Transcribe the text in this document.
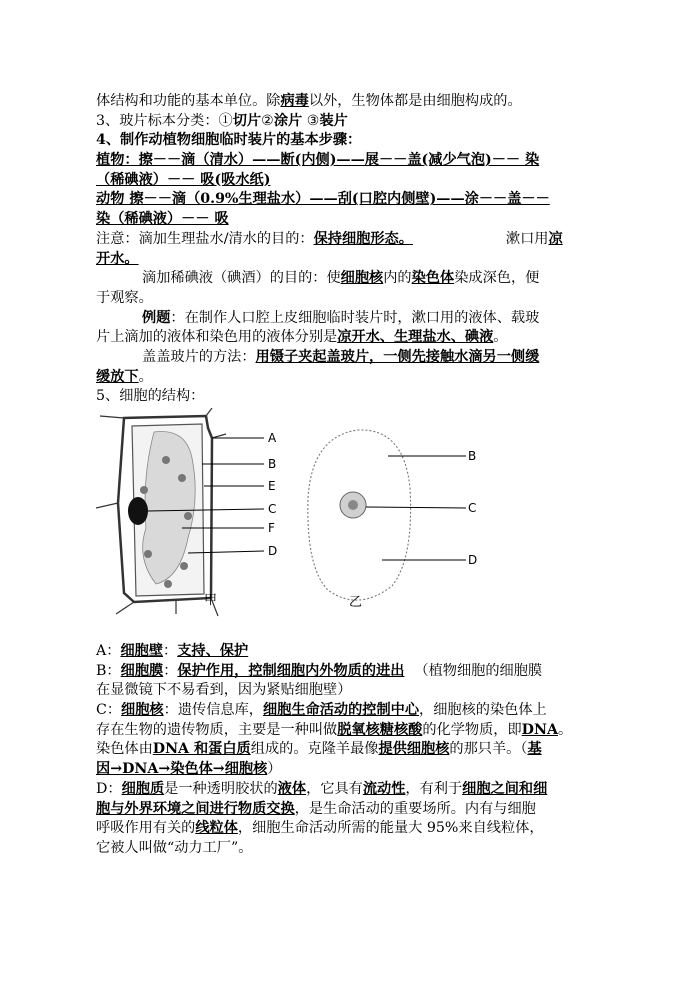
体结构和功能的基本单位。除病毒以外，生物体都是由细胞构成的。
3、玻片标本分类：①切片②涂片 ③装片
4、制作动植物细胞临时装片的基本步骤：
植物：擦－－滴（清水）——断(内侧)——展－－盖(减少气泡)－－ 染
（稀碘液）－－ 吸(吸水纸)
动物 擦－－滴（0.9%生理盐水）——刮(口腔内侧壁)——涂－－盖－－
染（稀碘液）－－ 吸
注意：滴加生理盐水/清水的目的：保持细胞形态。	漱口用凉
开水。
滴加稀碘液（碘酒）的目的：使细胞核内的染色体染成深色，便
于观察。
例题：在制作人口腔上皮细胞临时装片时，漱口用的液体、载玻
片上滴加的液体和染色用的液体分别是凉开水、生理盐水、碘液。
盖盖玻片的方法：用镊子夹起盖玻片，一侧先接触水滴另一侧缓
缓放下。
5、细胞的结构：
A
B
E
C
F
D
甲
B
C
D
乙
A：细胞壁：支持、保护
B：细胞膜：保护作用，控制细胞内外物质的进出 （植物细胞的细胞膜
在显微镜下不易看到，因为紧贴细胞壁）
C：细胞核：遗传信息库，细胞生命活动的控制中心，细胞核的染色体上
存在生物的遗传物质，主要是一种叫做脱氧核糖核酸的化学物质，即DNA。
染色体由DNA 和蛋白质组成的。克隆羊最像提供细胞核的那只羊。（基
因→DNA→染色体→细胞核）
D：细胞质是一种透明胶状的液体，它具有流动性，有利于细胞之间和细
胞与外界环境之间进行物质交换，是生命活动的重要场所。内有与细胞
呼吸作用有关的线粒体，细胞生命活动所需的能量大 95%来自线粒体，
它被人叫做“动力工厂”。
